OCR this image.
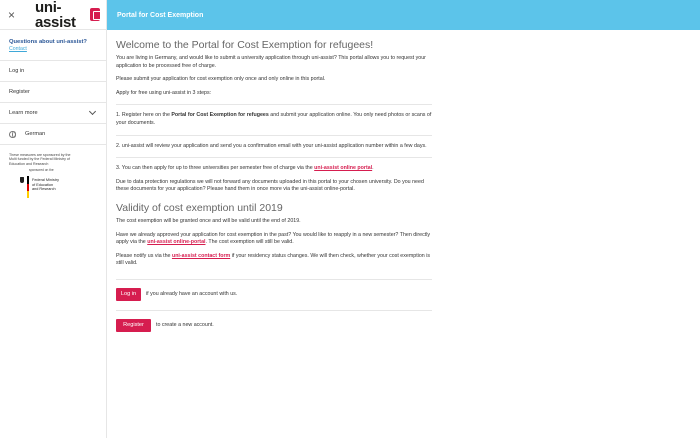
× uni-assist
Questions about uni-assist?
Contact
Log in
Register
Learn more
German
These measures are sponsored by the Multi funded by the Federal Ministry of Education and Research
sponsored on the
Federal Ministry
of Education
and Research
Portal for Cost Exemption
Welcome to the Portal for Cost Exemption for refugees!

You are living in Germany, and would like to submit a university application through uni-assist? This portal allows you to request your application to be processed free of charge.

Please submit your application for cost exemption only once and only online in this portal.

Apply for free using uni-assist in 3 steps:

1. Register here on the Portal for Cost Exemption for refugees and submit your application online. You only need photos or scans of your documents.

2. uni-assist will review your application and send you a confirmation email with your uni-assist application number within a few days.

3. You can then apply for up to three universities per semester free of charge via the uni-assist online portal.

Due to data protection regulations we will not forward any documents uploaded in this portal to your chosen university. Do you need these documents for your application? Please hand them in once more via the uni-assist online-portal.

Validity of cost exemption until 2019

The cost exemption will be granted once and will be valid until the end of 2019.

Have we already approved your application for cost exemption in the past? You would like to reapply in a new semester? Then directly apply via the uni-assist online-portal. The cost exemption will still be valid.

Please notify us via the uni-assist contact form if your residency status changes. We will then check, whether your cost exemption is still valid.

Log in	if you already have an account with us.
Register	to create a new account.
